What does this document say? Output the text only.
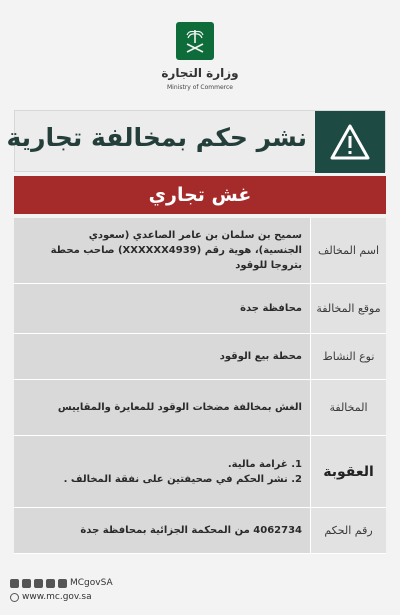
وزارة التجارة
Ministry of Commerce
نشر حكم بمخالفة تجارية
غش تجاري
اسم المخالف
سميح بن سلمان بن عامر الصاعدي (سعودي
الجنسية)، هوية رقم (XXXXXX4939) صاحب محطة
بتروجا للوقود
موقع المخالفة
محافظة جدة
نوع النشاط
محطة بيع الوقود
المخالفة
الغش بمخالفة مضخات الوقود للمعايرة والمقاييس
العقوبة
1. غرامة مالية.
2. نشر الحكم في صحيفتين على نفقة المخالف .
رقم الحكم
4062734 من المحكمة الجزائية بمحافظة جدة
MCgovSA
www.mc.gov.sa
